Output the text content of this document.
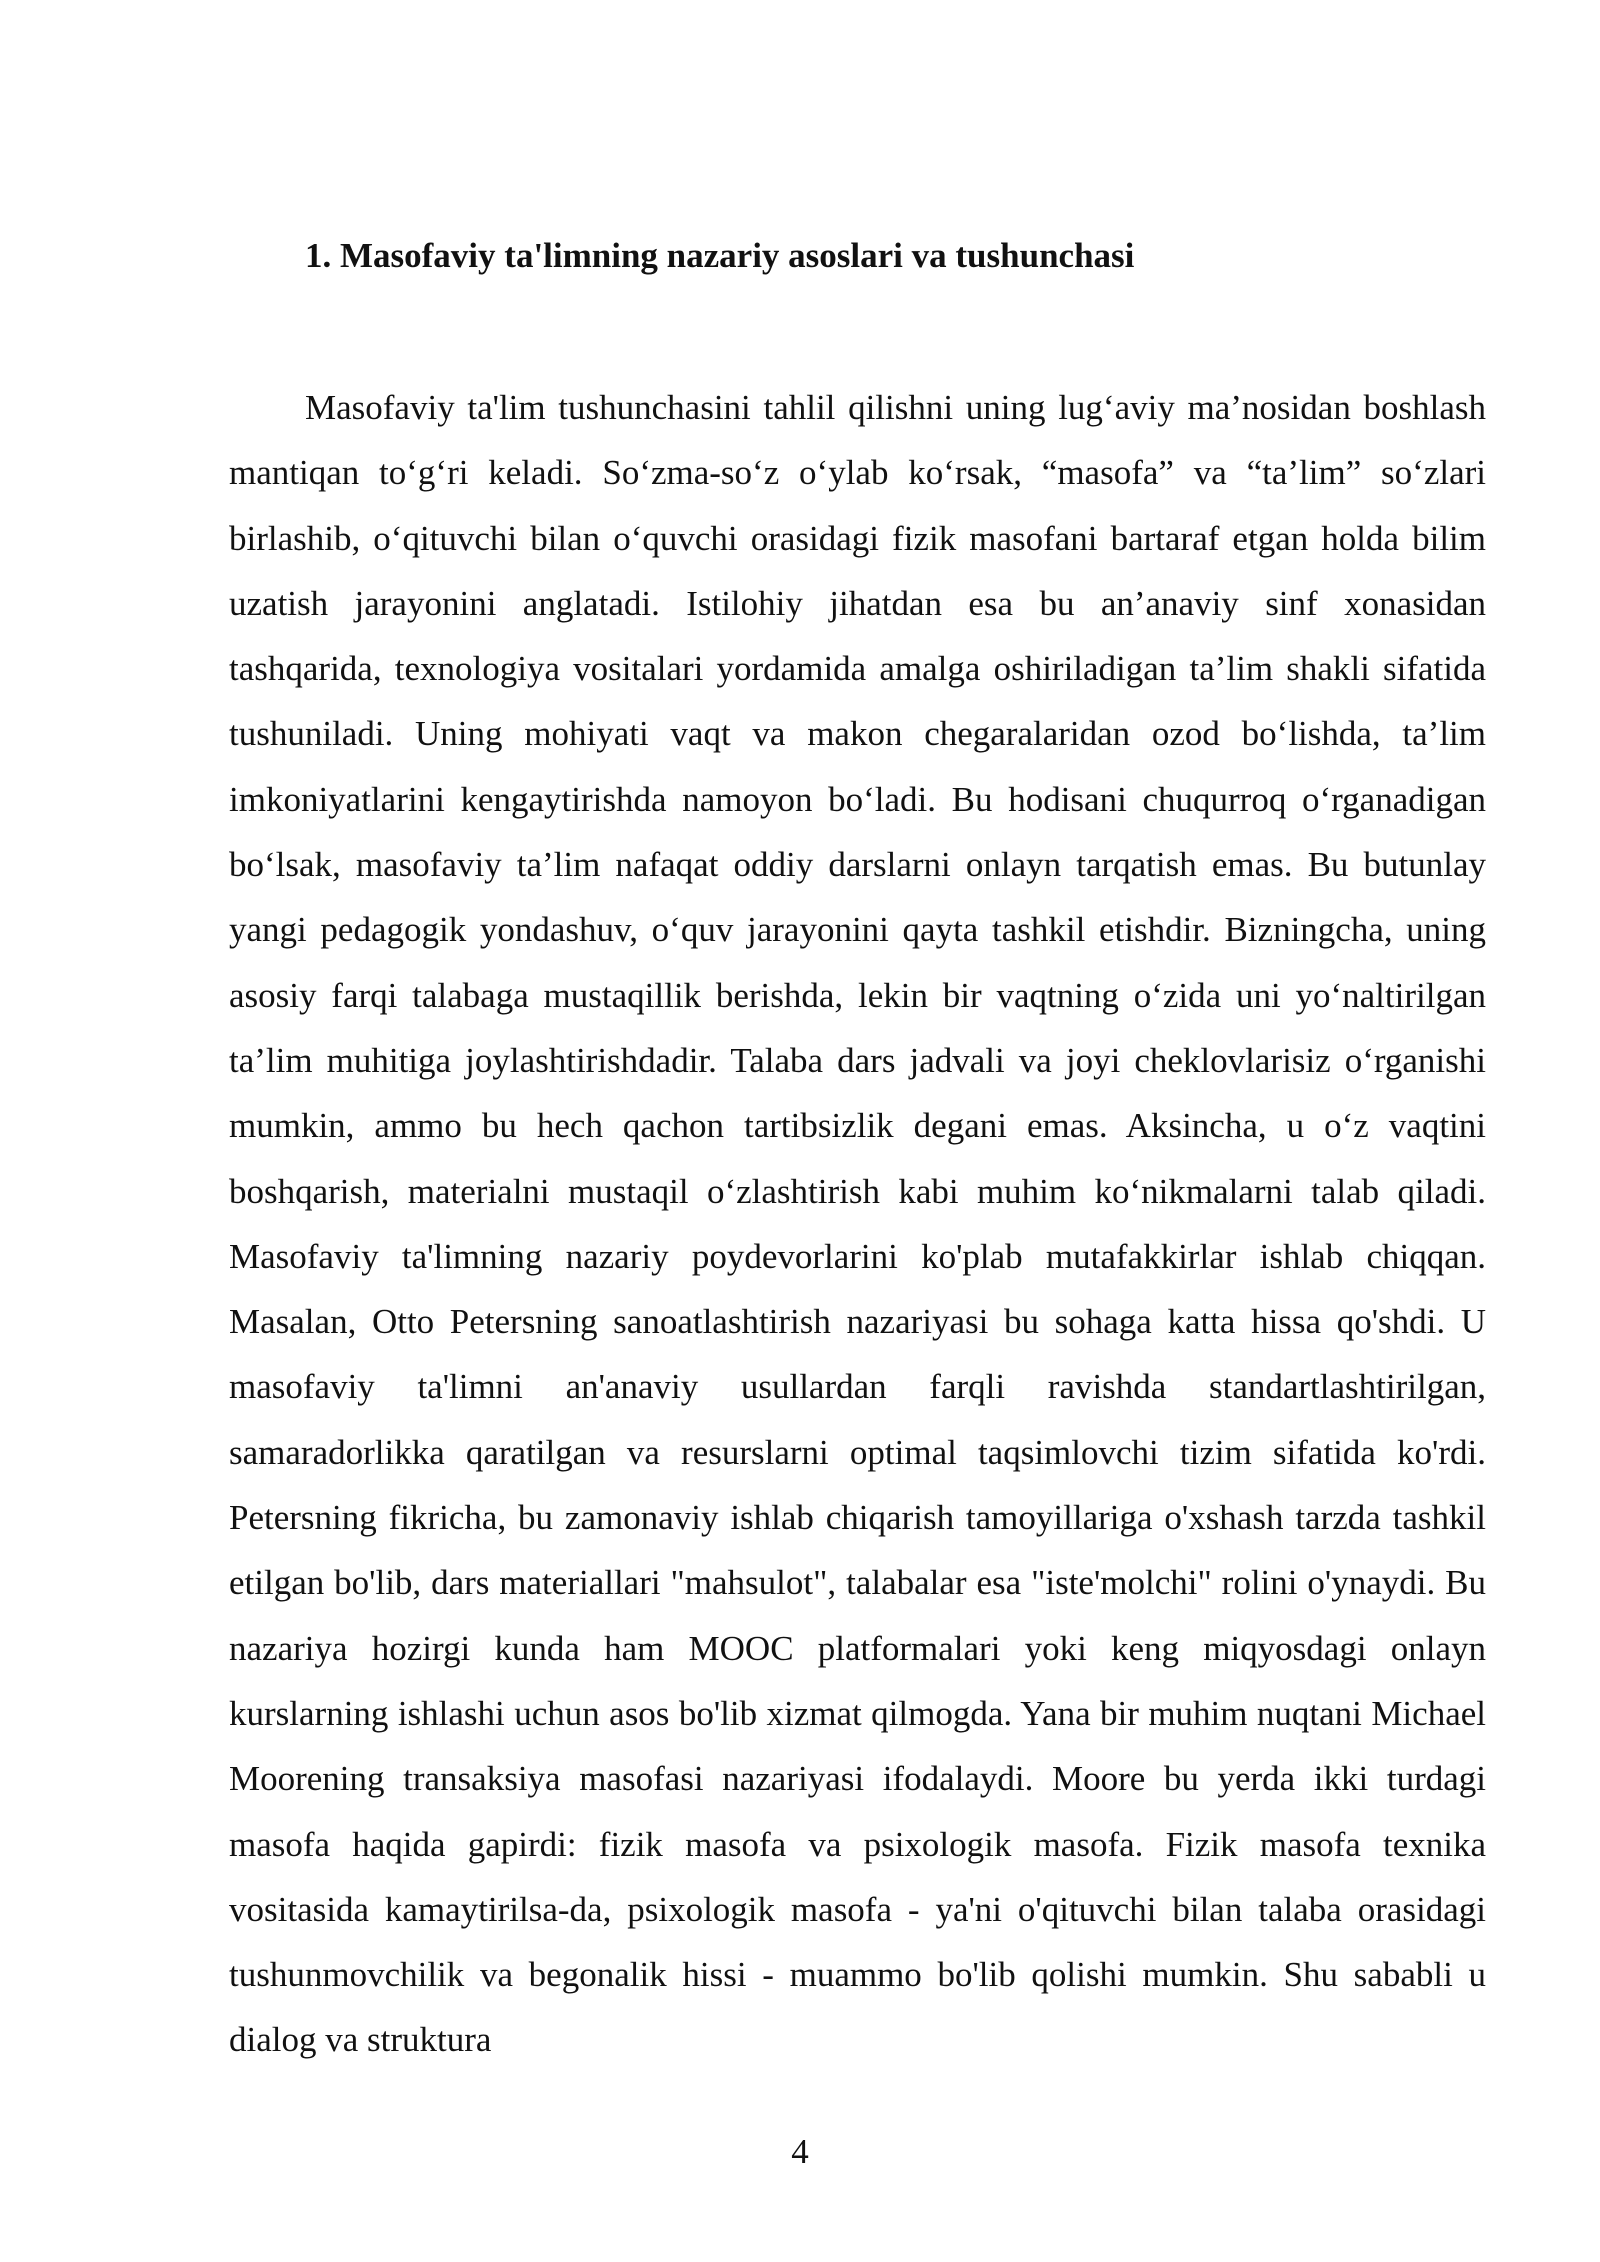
1. Masofaviy ta'limning nazariy asoslari va tushunchasi

Masofaviy ta'lim tushunchasini tahlil qilishni uning lug‘aviy ma’nosidan boshlash mantiqan to‘g‘ri keladi. So‘zma-so‘z o‘ylab ko‘rsak, “masofa” va “ta’lim” so‘zlari birlashib, o‘qituvchi bilan o‘quvchi orasidagi fizik masofani bartaraf etgan holda bilim uzatish jarayonini anglatadi. Istilohiy jihatdan esa bu an’anaviy sinf xonasidan tashqarida, texnologiya vositalari yordamida amalga oshiriladigan ta’lim shakli sifatida tushuniladi. Uning mohiyati vaqt va makon chegaralaridan ozod bo‘lishda, ta’lim imkoniyatlarini kengaytirishda namoyon bo‘ladi. Bu hodisani chuqurroq o‘rganadigan bo‘lsak, masofaviy ta’lim nafaqat oddiy darslarni onlayn tarqatish emas. Bu butunlay yangi pedagogik yondashuv, o‘quv jarayonini qayta tashkil etishdir. Bizningcha, uning asosiy farqi talabaga mustaqillik berishda, lekin bir vaqtning o‘zida uni yo‘naltirilgan ta’lim muhitiga joylashtirishdadir. Talaba dars jadvali va joyi cheklovlarisiz o‘rganishi mumkin, ammo bu hech qachon tartibsizlik degani emas. Aksincha, u o‘z vaqtini boshqarish, materialni mustaqil o‘zlashtirish kabi muhim ko‘nikmalarni talab qiladi. Masofaviy ta'limning nazariy poydevorlarini ko'plab mutafakkirlar ishlab chiqqan. Masalan, Otto Petersning sanoatlashtirish nazariyasi bu sohaga katta hissa qo'shdi. U masofaviy ta'limni an'anaviy usullardan farqli ravishda standartlashtirilgan, samaradorlikka qaratilgan va resurslarni optimal taqsimlovchi tizim sifatida ko'rdi. Petersning fikricha, bu zamonaviy ishlab chiqarish tamoyillariga o'xshash tarzda tashkil etilgan bo'lib, dars materiallari "mahsulot", talabalar esa "iste'molchi" rolini o'ynaydi. Bu nazariya hozirgi kunda ham MOOC platformalari yoki keng miqyosdagi onlayn kurslarning ishlashi uchun asos bo'lib xizmat qilmogda. Yana bir muhim nuqtani Michael Moorening transaksiya masofasi nazariyasi ifodalaydi. Moore bu yerda ikki turdagi masofa haqida gapirdi: fizik masofa va psixologik masofa. Fizik masofa texnika vositasida kamaytirilsa-da, psixologik masofa - ya'ni o'qituvchi bilan talaba orasidagi tushunmovchilik va begonalik hissi - muammo bo'lib qolishi mumkin. Shu sababli u dialog va struktura

4
